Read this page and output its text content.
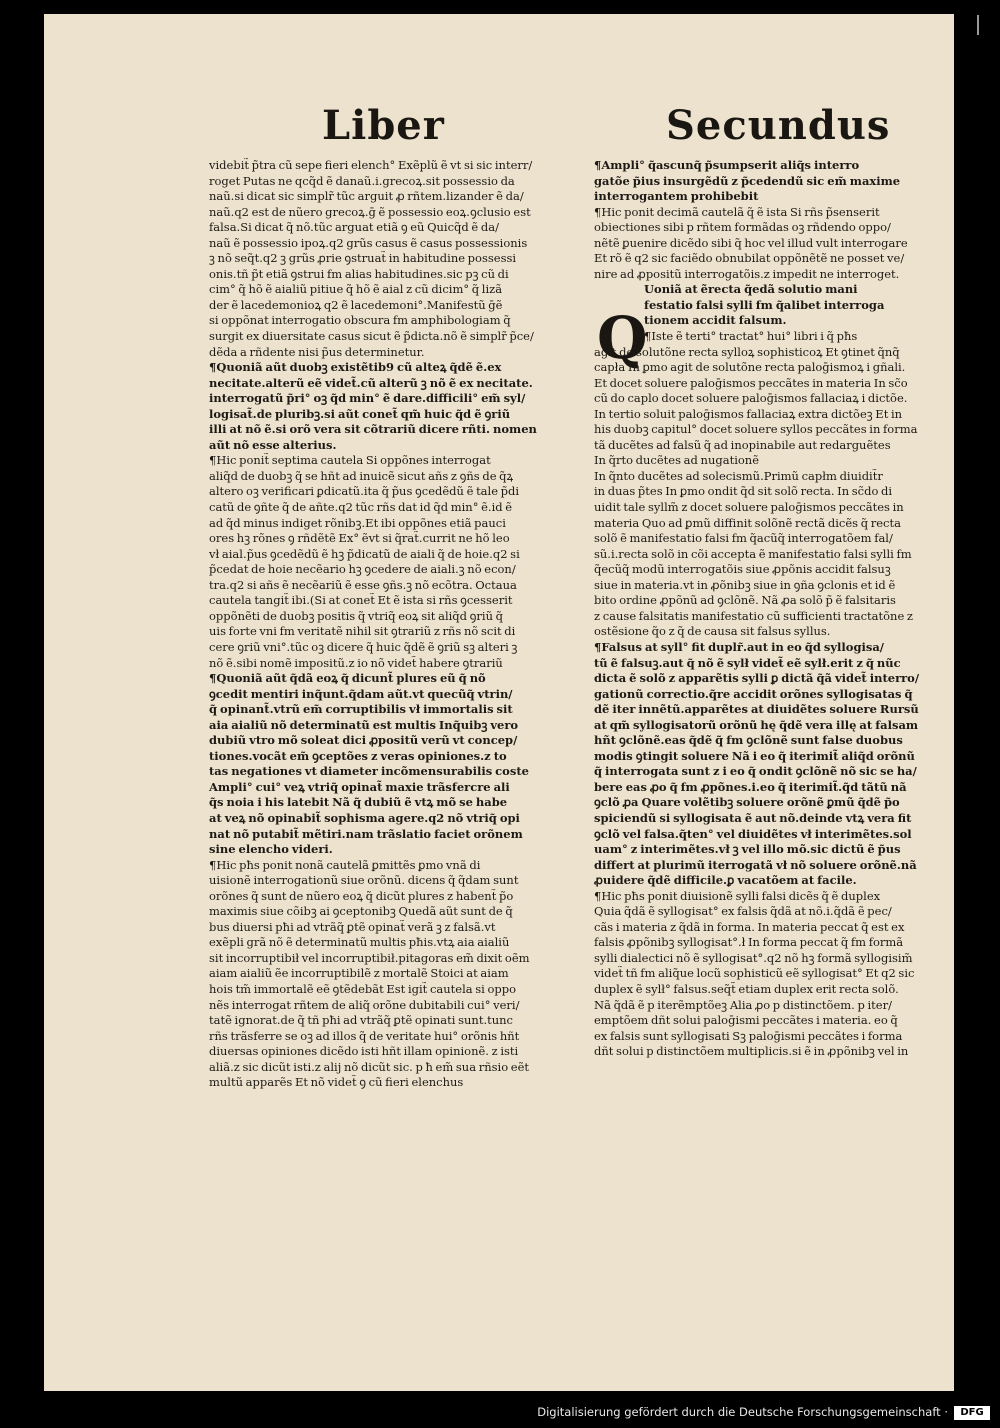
Liber	Secundus
Q

videbit̃ p̃tra cũ sepe fieri elench° Exẽplũ ẽ vt si sic interr/

roget Putas ne qcq̃d ẽ danaũ.i.grecoꝝ.sit possessio da

naũ.si dicat sic simplr̃ tũc arguit ꝓ rñtem.lizander ẽ da/

naũ.q2 est de nũero grecoꝝ.ḡ ẽ possessio eoꝝ.ꝯclusio est

falsa.Si dicat q̃ nõ.tũc arguat etiã ꝯ eũ Quicq̃d ẽ da/

naũ ẽ possessio ipoꝝ.q2 grũs casus ẽ casus possessionis

ꝫ nõ seq̃t.q2 ꝫ grũs ꝓrie ꝯstruat̃ in habitudine possessi

onis.tñ p̃t etiã ꝯstrui fm alias habitudines.sic pꝫ cũ di

cim° q̃ hõ ẽ aialiũ pitiue q̃ hõ ẽ aial z cũ dicim° q̃ lizã

der ẽ lacedemonioꝝ q2 ẽ lacedemoni°.Manifestũ ḡẽ

si oppõnat interrogatio obscura fm amphibologiam q̃

surgit ex diuersitate casus sicut ẽ p̃dicta.nõ ẽ simplr̃ p̃ce/

dẽda a rñdente nisi p̃us determinetur.

¶Quoniã aũt duobꝫ existẽtib9 cũ alteꝝ q̃dẽ ẽ.ex

necitate.alterũ eẽ videt̃.cũ alterũ ꝫ nõ ẽ ex necitate.

interrogatũ p̃ri° oꝫ q̃d min° ẽ dare.difficili° em̃ syl/

logisat̃.de pluribꝫ.si aũt conet̃ qm̃ huic q̃d ẽ ꝯriũ

illi at nõ ẽ.si orõ vera sit cõtrariũ dicere rñti. nomen

aũt nõ esse alterius.

¶Hic ponit̃ septima cautela Si oppõnes interrogat

aliq̃d de duobꝫ q̃ se hñt ad inuicẽ sicut añs z ꝯñs de q̃ꝝ

altero oꝫ verificari ꝑdicatũ.ita q̃ p̃us ꝯcedẽdũ ẽ tale p̃di

catũ de ꝯñte q̃ de añte.q2 tũc rñs dat id q̃d min° ẽ.id ẽ

ad q̃d minus indiget rõnibꝫ.Et ibi oppõnes etiã pauci

ores hꝫ rõnes ꝯ rñdẽtẽ Ex° ẽvt si q̃rat̃.currit ne hõ leo

vł aial.p̃us ꝯcedẽdũ ẽ hꝫ p̃dicatũ de aiali q̃ de hoie.q2 si

p̃cedat de hoie necẽario hꝫ ꝯcedere de aiali.ꝫ nõ econ/

tra.q2 si añs ẽ necẽariũ ẽ esse ꝯñs.ꝫ nõ ecõtra. Octaua

cautela tangit̃ ibi.(Si at conet̃ Et ẽ ista si rñs ꝯcesserit

oppõnẽti de duobꝫ positis q̃ vtriq̃ eoꝝ sit aliq̃d ꝯriũ q̃

uis forte vni fm veritatẽ nihil sit ꝯtrariũ z rñs nõ scit di

cere ꝯriũ vni°.tũc oꝫ dicere q̃ huic q̃dẽ ẽ ꝯriũ sꝫ alteri ꝫ

nõ ẽ.sibi nomẽ impositũ.z io nõ videt̃ habere ꝯtrariũ

¶Quoniã aũt q̃dã eoꝝ q̃ dicunt̃ plures eũ q̃ nõ

ꝯcedit mentiri inq̃unt.q̃dam aũt.vt quecũq̃ vtrin/

q̃ opinant̃.vtrũ em̃ corruptibilis vł immortalis sit

aia aialiũ nõ determinatũ est multis Inq̃uibꝫ vero

dubiũ vtro mõ soleat dici ꝓpositũ verũ vt concep/

tiones.vocãt em̃ ꝯceptões z veras opiniones.z to

tas negationes vt diameter incõmensurabilis coste

Ampli° cui° veꝝ vtriq̃ opinat̃ maxie trãsfercre ali

q̃s noia i his latebit Nã q̃ dubiũ ẽ vtꝝ mõ se habe

at veꝝ nõ opinabit̃ sophisma agere.q2 nõ vtriq̃ opi

nat nõ putabit̃ mẽtiri.nam trãslatio faciet orõnem

sine elencho videri.

¶Hic pħs ponit nonã cautelã ꝑmittẽs ꝑmo vnã di

uisionẽ interrogationũ siue orõnũ. dicens q̃ q̃dam sunt

orõnes q̃ sunt de nũero eoꝝ q̃ dicũt plures z habent̃ p̃o

maximis siue cõibꝫ ai ꝯceptonibꝫ Quedã aũt sunt de q̃

bus diuersi pħi ad vtrãq̃ ꝑtẽ opinat̃ verã ꝫ z falsã.vt

exẽpli grã nõ ẽ determinatũ multis pħis.vtꝝ aia aialiũ

sit incorruptibił vel incorruptibił.pitagoras em̃ dixit oẽm

aiam aialiũ ẽe incorruptibilẽ z mortalẽ Stoici at aiam

hois tm̃ immortalẽ eẽ ꝯtẽdebãt Est igit̃ cautela si oppo

nẽs interrogat rñtem de aliq̃ orõne dubitabili cui° veri/

tatẽ ignorat.de q̃ tñ pħi ad vtrãq̃ ꝑtẽ opinati sunt.tunc

rñs trãsferre se oꝫ ad illos q̃ de veritate hui° orõnis hñt

diuersas opiniones dicẽdo isti hñt illam opinionẽ. z isti

aliã.z sic dicũt isti.z alij nõ dicũt sic. p ħ em̃ sua rñsio eẽt

multũ apparẽs Et nõ videt̃ ꝯ cũ fieri elenchus

¶Ampli° q̃ascunq̃ p̃sumpserit aliq̃s interro

gatõe p̃ius insurgẽdũ z p̃cedendũ sic em̃ maxime

interrogantem prohibebit

¶Hic ponit decimã cautelã q̃ ẽ ista Si rñs p̃senserit

obiectiones sibi p rñtem formãdas oꝫ rñdendo oppo/

nẽtẽ ꝑuenire dicẽdo sibi q̃ hoc vel illud vult interrogare

Et rõ ẽ q2 sic faciẽdo obnubilat oppõnẽtẽ ne posset ve/

nire ad ꝓpositũ interrogatõis.z impedit ne interroget.

Uoniã at ẽrecta q̃edã solutio mani

festatio falsi sylli fm q̃alibet interroga

tionem accidit falsum.

¶Iste ẽ terti° tractat° hui° libri i q̃ pħs

agit de solutõne recta sylloꝝ sophisticoꝝ Et ꝯtinet q̃nq̃

capła In ꝑmo agit de solutõne recta paloḡismoꝝ i gñali.

Et docet soluere paloḡismos peccãtes in materia In sc̃o

cũ do caplo docet soluere paloḡismos fallaciaꝝ i dictõe.

In tertio soluit paloḡismos fallaciaꝝ extra dictõeꝫ Et in

his duobꝫ capitul° docet soluere syllos peccãtes in forma

tã ducẽtes ad falsũ q̃ ad inopinabile aut redarguẽtes

In q̃rto ducẽtes ad nugationẽ

In q̃nto ducẽtes ad solecismũ.Primũ capłm diuidit̃r

in duas p̃tes In ꝑmo ondit q̃d sit solõ recta. In sc̃do di

uidit tale syllm̃ z docet soluere paloḡismos peccãtes in

materia Quo ad ꝑmũ diffinit solõnẽ rectã dicẽs q̃ recta

solõ ẽ manifestatio falsi fm q̃acũq̃ interrogatõem fal/

sũ.i.recta solõ in cõi accepta ẽ manifestatio falsi sylli fm

q̃ecũq̃ modũ interrogatõis siue ꝓpõnis accidit falsuꝫ

siue in materia.vt in ꝓõnibꝫ siue in ꝯña ꝯclonis et id ẽ

bito ordine ꝓpõnũ ad ꝯclõnẽ. Nã ꝓa solõ p̃ ẽ falsitaris

z cause falsitatis manifestatio cũ sufficienti tractatõne z

ostẽsione q̃o z q̃ de causa sit falsus syllus.

¶Falsus at syll° fit duplr̃.aut in eo q̃d syllogisa/

tũ ẽ falsuꝫ.aut q̃ nõ ẽ sylł videt̃ eẽ sylł.erit z q̃ nũc

dicta ẽ solõ z apparẽtis sylli ꝑ dictã q̃ã videt̃ interro/

gationũ correctio.q̃re accidit orõnes syllogisatas q̃

dẽ iter innẽtũ.apparẽtes at diuidẽtes soluere Rursũ

at qm̃ syllogisatorũ orõnũ hę q̃dẽ vera illę at falsam

hñt ꝯclõnẽ.eas q̃dẽ q̃ fm ꝯclõnẽ sunt false duobus

modis ꝯtingit soluere Nã i eo q̃ iterimit̃ aliq̃d orõnũ

q̃ interrogata sunt z i eo q̃ ondit ꝯclõnẽ nõ sic se ha/

bere eas ꝓo q̃ fm ꝓpõnes.i.eo q̃ iterimit̃.q̃d tãtũ nã

ꝯclõ ꝓa Quare volẽtibꝫ soluere orõnẽ ꝑmũ q̃dẽ p̃o

spiciendũ si syllogisata ẽ aut nõ.deinde vtꝝ vera fit

ꝯclõ vel falsa.q̃ten° vel diuidẽtes vł interimẽtes.sol

uam° z interimẽtes.vł ꝫ vel illo mõ.sic dictũ ẽ p̃us

differt at plurimũ iterrogatã vł nõ soluere orõnẽ.nã

ꝓuidere q̃dẽ difficile.ꝑ vacatõem at facile.

¶Hic pħs ponit diuisionẽ sylli falsi dicẽs q̃ ẽ duplex

Quia q̃dã ẽ syllogisat° ex falsis q̃dã at nõ.i.q̃dã ẽ pec/

cãs i materia z q̃dã in forma. In materia peccat q̃ est ex

falsis ꝓpõnibꝫ syllogisat°.ł In forma peccat q̃ fm formã

sylli dialectici nõ ẽ syllogisat°.q2 nõ hꝫ formã syllogisim̃

videt̃ tñ fm aliq̃ue locũ sophisticũ eẽ syllogisat° Et q2 sic

duplex ẽ sylł° falsus.seq̃t̃ etiam duplex erit recta solõ.

Nã q̃dã ẽ p iterẽmptõeꝫ Alia ꝓo p distinctõem. p iter/

emptõem dñt solui paloḡismi peccãtes i materia. eo q̃

ex falsis sunt syllogisati Sꝫ paloḡismi peccãtes i forma

dñt solui p distinctõem multiplicis.si ẽ in ꝓpõnibꝫ vel in

Digitalisierung gefördert durch die Deutsche Forschungsgemeinschaft ·	DFG
